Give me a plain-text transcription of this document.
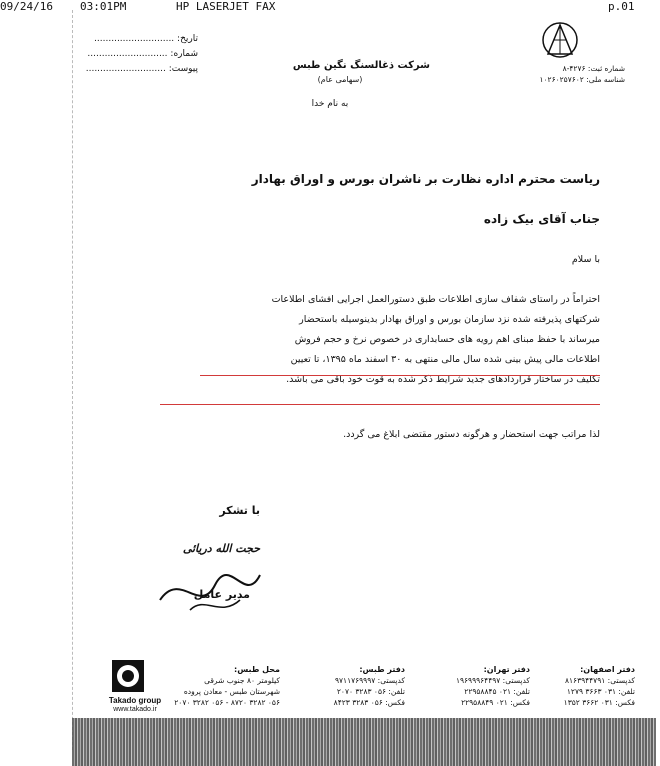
09/24/16 03:01PM	HP LASERJET FAX	p.01
تاریخ: ............................
شماره: ............................
پیوست: ............................	شرکت ذغالسنگ نگین طبس
(سهامی عام)
شماره ثبت: ۴۲۷۶-۸
شناسه ملی: ۱۰۲۶۰۲۵۷۶۰۲
به نام خدا
ریاست محترم اداره نظارت بر ناشران بورس و اوراق بهادار
جناب آقای بیک زاده
با سلام
احتراماً در راستای شفاف سازی اطلاعات طبق دستورالعمل اجرایی افشای اطلاعات
شرکتهای پذیرفته شده نزد سازمان بورس و اوراق بهادار بدینوسیله باستحضار
میرساند با حفظ مبنای اهم رویه های حسابداری در خصوص نرخ و حجم فروش
اطلاعات مالی پیش بینی شده سال مالی منتهی به ۳۰ اسفند ماه ۱۳۹۵، تا تعیین
تکلیف در ساختار قراردادهای جدید شرایط ذکر شده به قوت خود باقی می باشد.
لذا مراتب جهت استحضار و هرگونه دستور مقتضی ابلاغ می گردد.
با تشکر
حجت الله دریائی
مدیر عامل
Takado group
www.takado.ir
محل طبس:
کیلومتر ۸۰ جنوب شرقی
شهرستان طبس - معادن پروده
۰۵۶ ۳۲۸۲ ۸۷۲۰ - ۰۵۶ ۳۲۸۲ ۲۰۷۰
دفتر طبس:
کدپستی: ۹۷۱۱۷۶۹۹۹۷
تلفن: ۰۵۶ ۳۲۸۳ ۲۰۷۰
فکس: ۰۵۶ ۳۲۸۳ ۸۴۲۳
دفتر تهران:
کدپستی: ۱۹۶۹۹۹۶۴۴۹۷
تلفن: ۰۲۱ ۲۲۹۵۸۸۴۵
فکس: ۰۲۱ ۲۲۹۵۸۸۴۹
دفتر اصفهان:
کدپستی: ۸۱۶۳۹۴۴۷۹۱
تلفن: ۰۳۱ ۳۶۶۳ ۱۲۷۹
فکس: ۰۳۱ ۳۶۶۲ ۱۳۵۲
